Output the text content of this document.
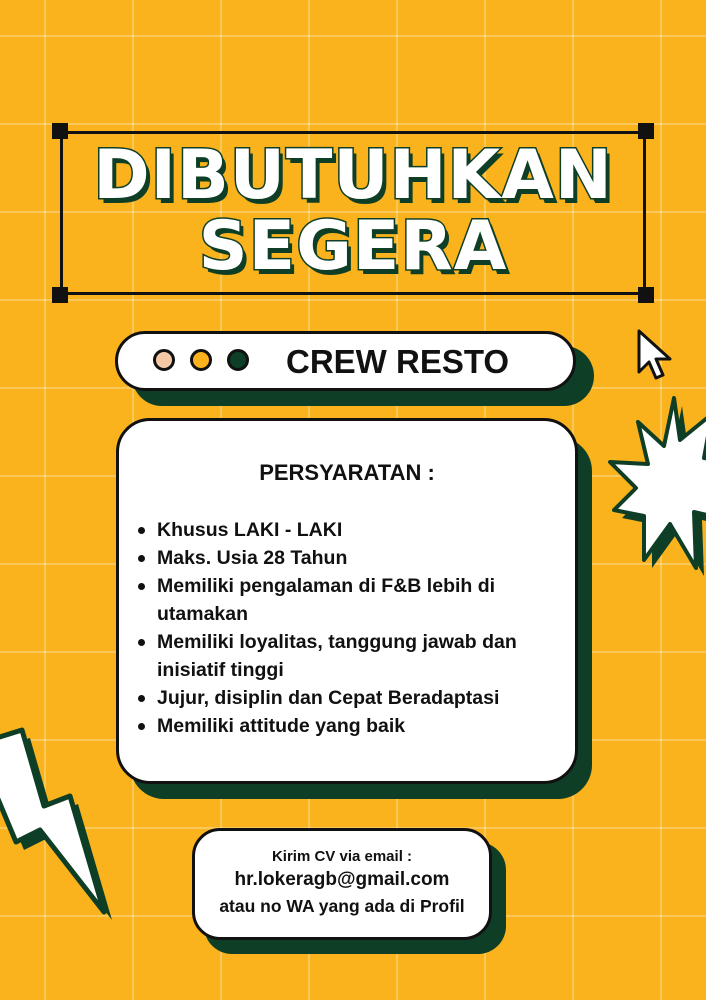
DIBUTUHKAN
SEGERA
CREW RESTO
PERSYARATAN :
Khusus LAKI - LAKI
Maks. Usia 28 Tahun
Memiliki pengalaman di F&B lebih di utamakan
Memiliki loyalitas, tanggung jawab dan inisiatif tinggi
Jujur, disiplin dan Cepat Beradaptasi
Memiliki attitude yang baik
Kirim CV via email :
hr.lokeragb@gmail.com
atau no WA yang ada di Profil
